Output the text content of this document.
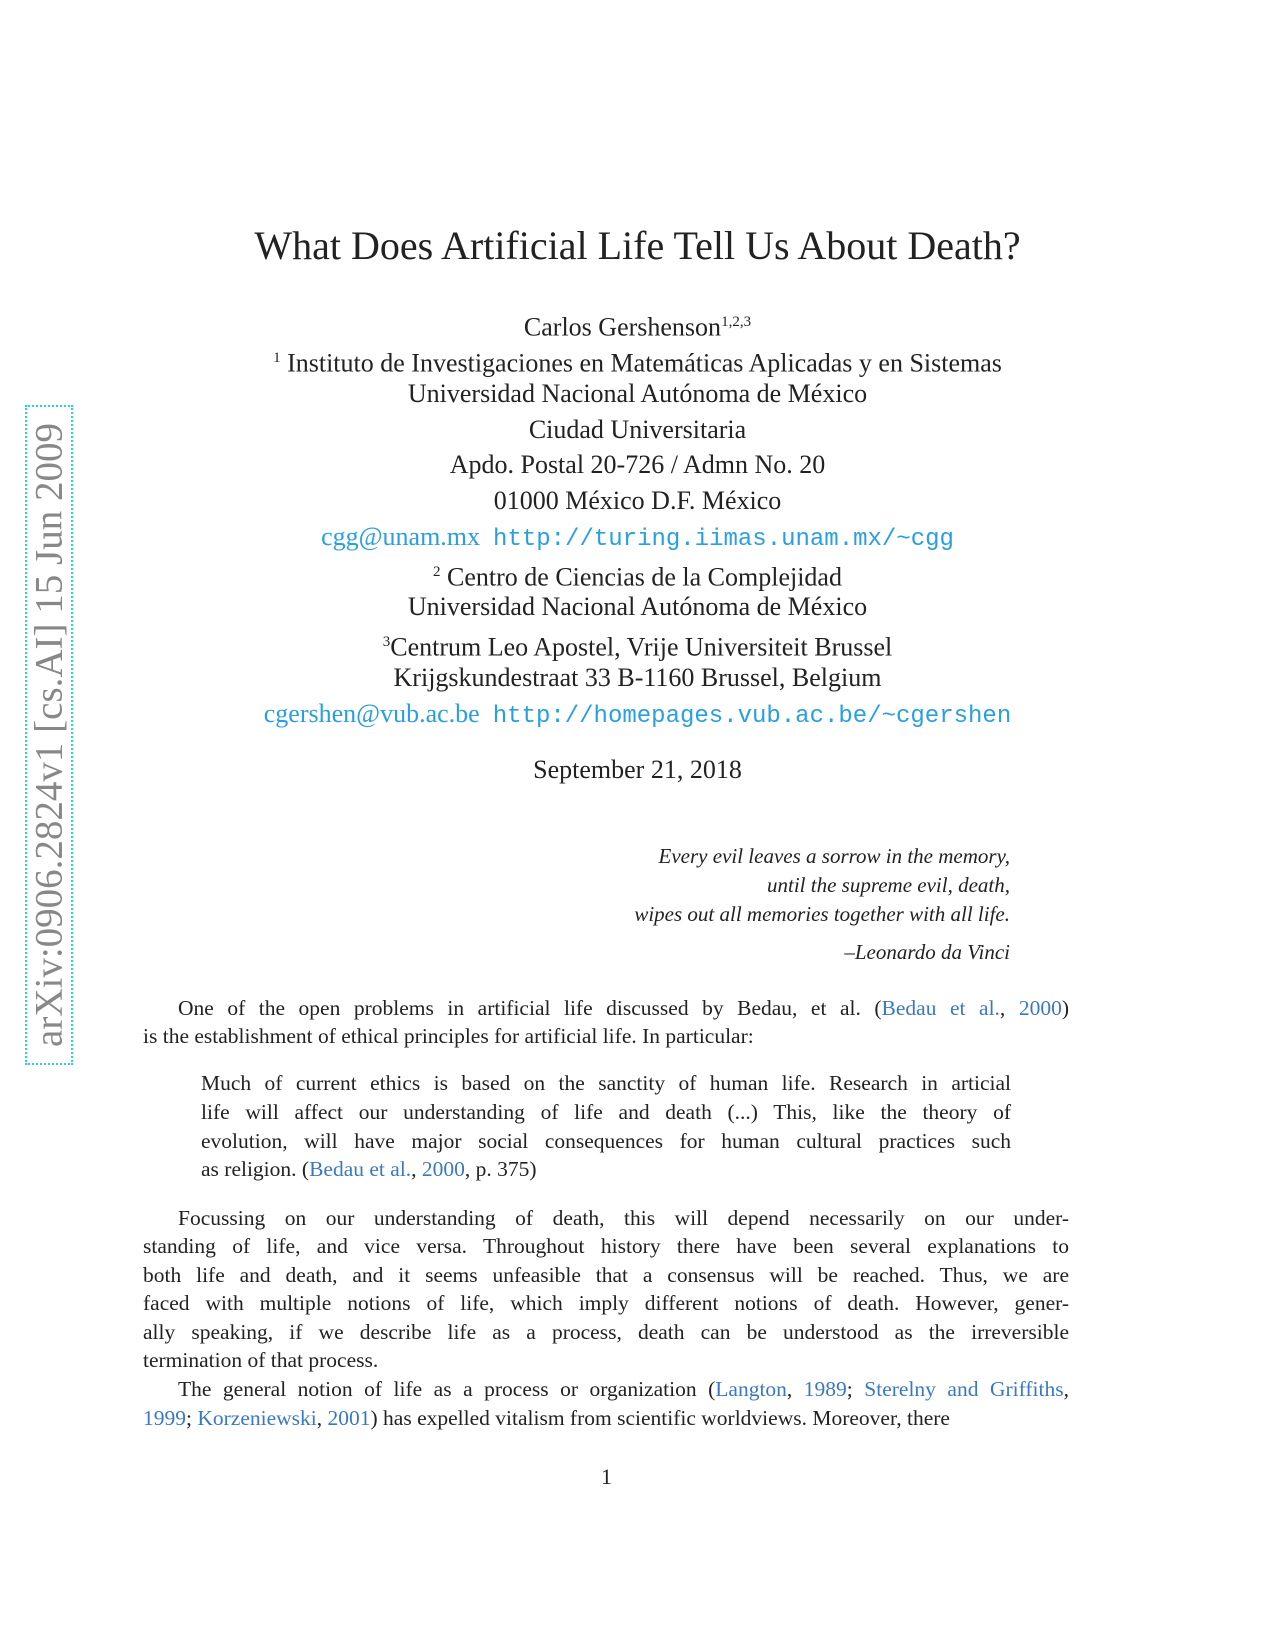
arXiv:0906.2824v1 [cs.AI] 15 Jun 2009
What Does Artificial Life Tell Us About Death?
Carlos Gershenson$^{1,2,3}$
$^1$ Instituto de Investigaciones en Matemáticas Aplicadas y en Sistemas
Universidad Nacional Autónoma de México
Ciudad Universitaria
Apdo. Postal 20-726 / Admn No. 20
01000 México D.F. México
cgg@unam.mx http://turing.iimas.unam.mx/~cgg
$^2$ Centro de Ciencias de la Complejidad
Universidad Nacional Autónoma de México
$^3$Centrum Leo Apostel, Vrije Universiteit Brussel
Krijgskundestraat 33 B-1160 Brussel, Belgium
cgershen@vub.ac.be http://homepages.vub.ac.be/~cgershen
September 21, 2018
Every evil leaves a sorrow in the memory,
until the supreme evil, death,
wipes out all memories together with all life.
–Leonardo da Vinci
One of the open problems in artificial life discussed by Bedau, et al. (Bedau et al., 2000)
is the establishment of ethical principles for artificial life. In particular:
Much of current ethics is based on the sanctity of human life. Research in articial
life will affect our understanding of life and death (...) This, like the theory of
evolution, will have major social consequences for human cultural practices such
as religion. (Bedau et al., 2000, p. 375)
Focussing on our understanding of death, this will depend necessarily on our under-
standing of life, and vice versa. Throughout history there have been several explanations to
both life and death, and it seems unfeasible that a consensus will be reached. Thus, we are
faced with multiple notions of life, which imply different notions of death. However, gener-
ally speaking, if we describe life as a process, death can be understood as the irreversible
termination of that process.
The general notion of life as a process or organization (Langton, 1989; Sterelny and Griffiths,
1999; Korzeniewski, 2001) has expelled vitalism from scientific worldviews. Moreover, there
1
